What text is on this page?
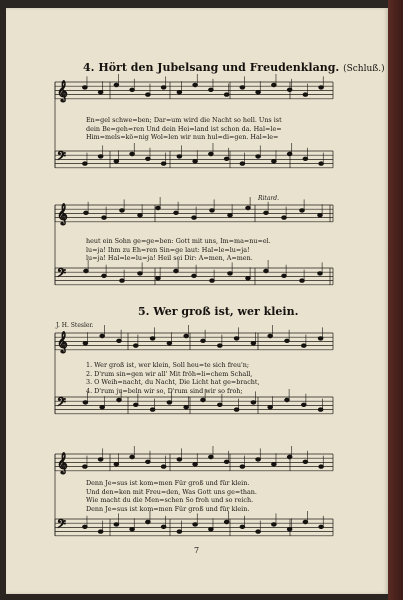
𝄞
𝄢
𝄞
𝄢
𝄞
𝄢
𝄞
𝄢
4. Hört den Jubelsang und Freudenklang. (Schluß.)
En=gel schwe=ben; Dar=um wird die Nacht so hell. Uns ist
dein Be=geh=ren Und dein Hei=land ist schon da. Hal=le=
Him=mels=kö=nig Wol=len wir nun hul=di=gen. Hal=le=
Ritard.
heut ein Sohn ge=ge=ben: Gott mit uns, Im=ma=nu=el.
lu=ja! Ihm zu Eh=ren Sin=ge laut: Hal=le=lu=ja!
lu=ja! Hal=le=lu=ja! Heil sei Dir: A=men, A=men.
5. Wer groß ist, wer klein.
J. H. Stesler.
1. Wer groß ist, wer klein, Soll heu=te sich freu'n;
2. D'rum sin=gen wir all' Mit fröh=li=chem Schall,
3. O Weih=nacht, du Nacht, Die Licht hat ge=bracht,
4. D'rum ju=beln wir so, D'rum sind wir so froh;
Denn Je=sus ist kom=men Für groß und für klein.
Und den=ken mit Freu=den, Was Gott uns ge=than.
Wie macht du die Men=schen So froh und so reich.
Denn Je=sus ist kom=men Für groß und für klein.
7
